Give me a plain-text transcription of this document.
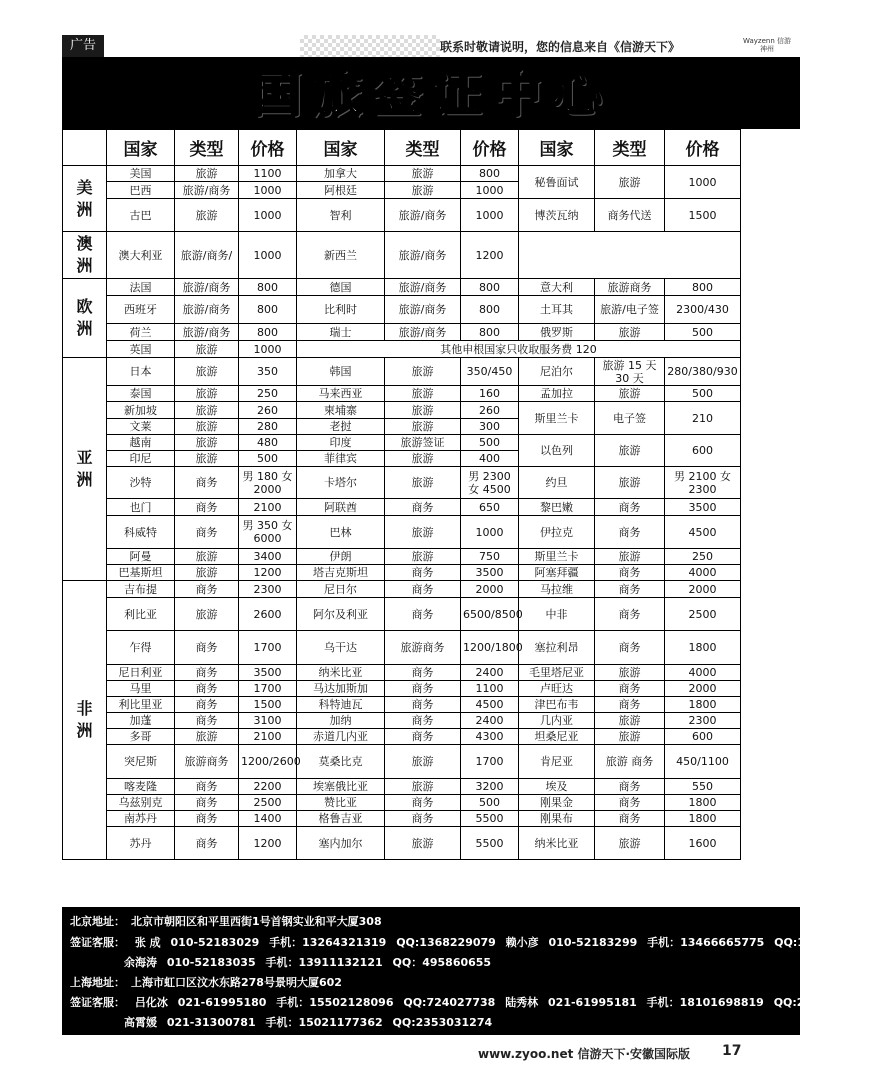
广告	联系时敬请说明，您的信息来自《信游天下》	Wayzenn 信游神州
国旅签证中心
	国家	类型	价格	国家	类型	价格	国家	类型	价格
美
洲	美国	旅游	1100	加拿大	旅游	800	秘鲁面试	旅游	1000
	巴西	旅游/商务	1000	阿根廷	旅游	1000			
	古巴	旅游	1000	智利	旅游/商务	1000	博茨瓦纳	商务代送	1500
澳
洲	澳大利亚	旅游/商务/	1000	新西兰	旅游/商务	1200			
欧
洲	法国	旅游/商务	800	德国	旅游/商务	800	意大利	旅游商务	800
	西班牙	旅游/商务	800	比利时	旅游/商务	800	土耳其	旅游/电子签	2300/430
	荷兰	旅游/商务	800	瑞士	旅游/商务	800	俄罗斯	旅游	500
	英国	旅游	1000	其他申根国家只收取服务费 120					
亚
洲	日本	旅游	350	韩国	旅游	350/450	尼泊尔	旅游 15 天 30 天	280/380/930
	泰国	旅游	250	马来西亚	旅游	160	孟加拉	旅游	500
	新加坡	旅游	260	柬埔寨	旅游	260	斯里兰卡	电子签	210
	文莱	旅游	280	老挝	旅游	300			
	越南	旅游	480	印度	旅游签证	500	以色列	旅游	600
	印尼	旅游	500	菲律宾	旅游	400			
	沙特	商务	男 180 女 2000	卡塔尔	旅游	男 2300 女 4500	约旦	旅游	男 2100 女 2300
	也门	商务	2100	阿联酋	商务	650	黎巴嫩	商务	3500
	科威特	商务	男 350 女 6000	巴林	旅游	1000	伊拉克	商务	4500
	阿曼	旅游	3400	伊朗	旅游	750	斯里兰卡	旅游	250
	巴基斯坦	旅游	1200	塔吉克斯坦	商务	3500	阿塞拜疆	商务	4000
非
洲	吉布提	商务	2300	尼日尔	商务	2000	马拉维	商务	2000
	利比亚	旅游	2600	阿尔及利亚	商务	6500/8500	中非	商务	2500
	乍得	商务	1700	乌干达	旅游商务	1200/1800	塞拉利昂	商务	1800
	尼日利亚	商务	3500	纳米比亚	商务	2400	毛里塔尼亚	旅游	4000
	马里	商务	1700	马达加斯加	商务	1100	卢旺达	商务	2000
	利比里亚	商务	1500	科特迪瓦	商务	4500	津巴布韦	商务	1800
	加蓬	商务	3100	加纳	商务	2400	几内亚	旅游	2300
	多哥	旅游	2100	赤道几内亚	商务	4300	坦桑尼亚	旅游	600
	突尼斯	旅游商务	1200/2600	莫桑比克	旅游	1700	肯尼亚	旅游 商务	450/1100
	喀麦隆	商务	2200	埃塞俄比亚	旅游	3200	埃及	商务	550
	乌兹别克	商务	2500	赞比亚	商务	500	刚果金	商务	1800
	南苏丹	商务	1400	格鲁吉亚	商务	5500	刚果布	商务	1800
	苏丹	商务	1200	塞内加尔	旅游	5500	纳米比亚	旅游	1600
北京地址： 北京市朝阳区和平里西街1号首钢实业和平大厦308
签证客服： 张 成 010-52183029 手机：13264321319 QQ:1368229079 赖小彦 010-52183299 手机：13466665775 QQ:113417035
余海涛 010-52183035 手机：13911132121 QQ：495860655
上海地址： 上海市虹口区汶水东路278号景明大厦602
签证客服： 吕化冰 021-61995180 手机：15502128096 QQ:724027738 陆秀林 021-61995181 手机：18101698819 QQ:2974659336
高霄媛 021-31300781 手机：15021177362 QQ:2353031274
www.zyoo.net 信游天下·安徽国际版 17
